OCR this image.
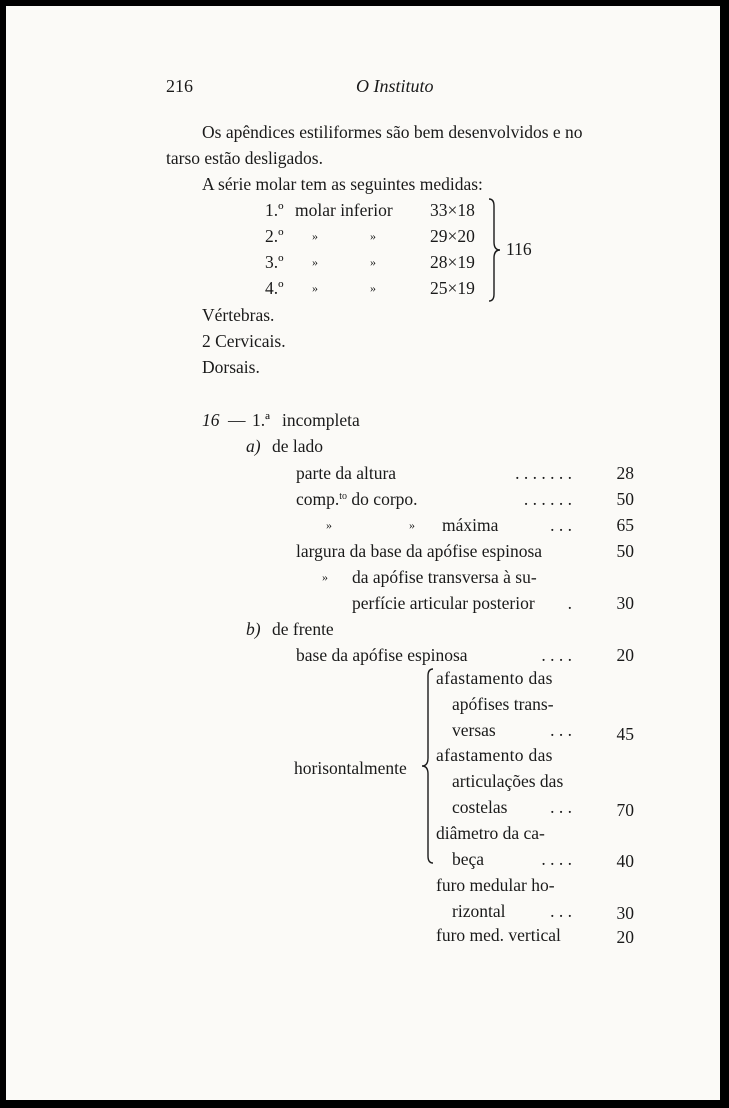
216	O Instituto
Os apêndices estiliformes são bem desenvolvidos e no
tarso estão desligados.
A série molar tem as seguintes medidas:
1.º molar inferior 33×18
2.º »	»	29×20
3.º »	»	28×19
4.º »	»	25×19
116
Vértebras.
2 Cervicais.
Dorsais.
16 — 1.ª incompleta
a) de lado
parte da altura	. . . . . . .	28
comp.$^{to}$ do corpo.	. . . . . .	50
»	» máxima	. . .	65
largura da base da apófise espinosa	50
» da apófise transversa à su-
perfície articular posterior	.	30
b) de frente
base da apófise espinosa	. . . .	20
horisontalmente
afastamento das
apófises trans-
versas	. . .	45
afastamento das
articulações das
costelas	. . .	70
diâmetro da ca-
beça	. . . .	40
furo medular ho-
rizontal	. . .	30
furo med. vertical	20
